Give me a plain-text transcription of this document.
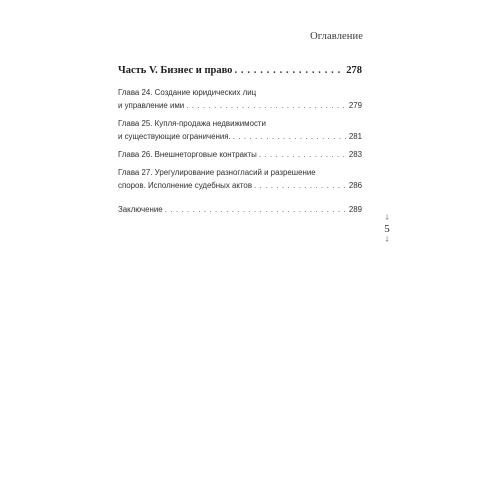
Оглавление
Часть V. Бизнес и право . . .	278
Глава 24. Создание юридических лиц
и управление ими . . .	279
Глава 25. Купля-продажа недвижимости
и существующие ограничения. . . .	281
Глава 26. Внешнеторговые контракты . . .	283
Глава 27. Урегулирование разногласий и разрешение
споров. Исполнение судебных актов . . .	286
Заключение . . .	289
⸸
5
⸸
